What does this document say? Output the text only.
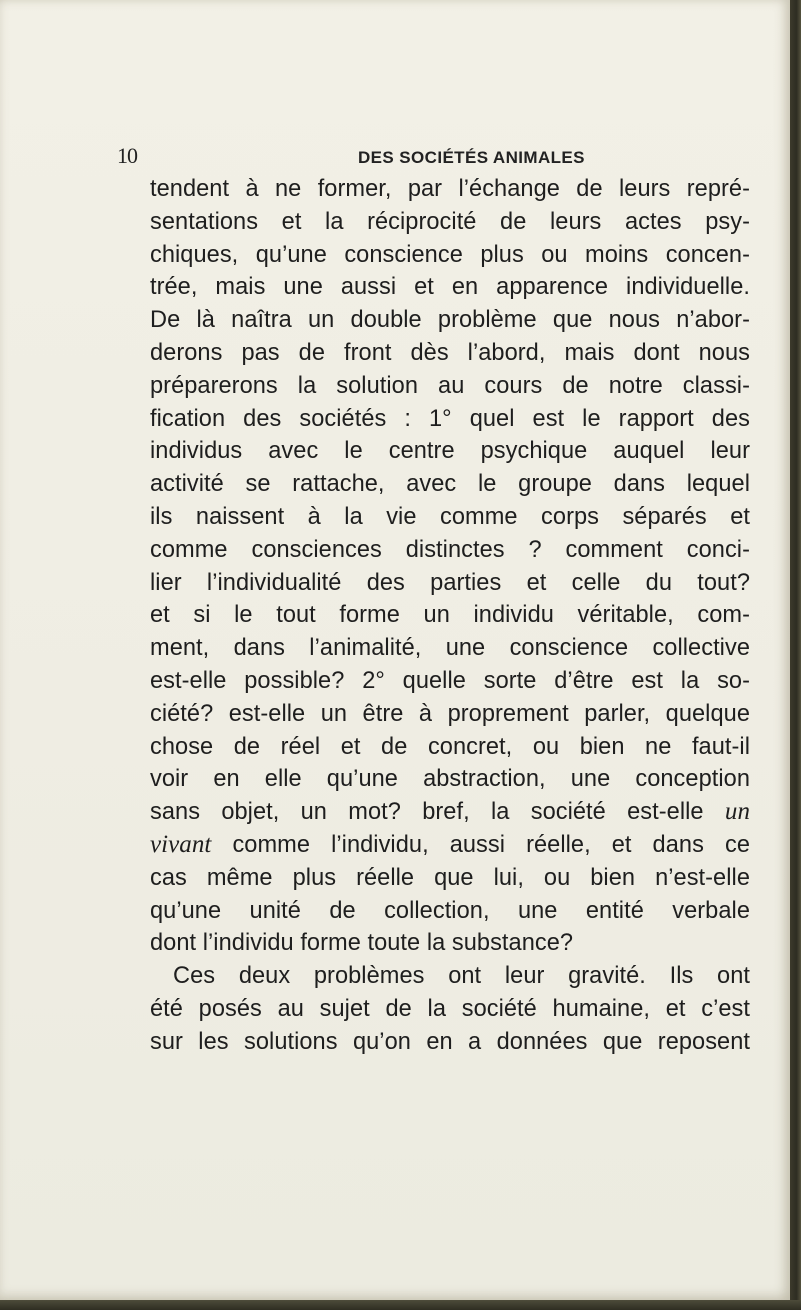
10	DES SOCIÉTÉS ANIMALES
tendent à ne former, par l’échange de leurs repré-
sentations et la réciprocité de leurs actes psy-
chiques, qu’une conscience plus ou moins concen-
trée, mais une aussi et en apparence individuelle.
De là naîtra un double problème que nous n’abor-
derons pas de front dès l’abord, mais dont nous
préparerons la solution au cours de notre classi-
fication des sociétés : 1° quel est le rapport des
individus avec le centre psychique auquel leur
activité se rattache, avec le groupe dans lequel
ils naissent à la vie comme corps séparés et
comme consciences distinctes ? comment conci-
lier l’individualité des parties et celle du tout?
et si le tout forme un individu véritable, com-
ment, dans l’animalité, une conscience collective
est-elle possible? 2° quelle sorte d’être est la so-
ciété? est-elle un être à proprement parler, quelque
chose de réel et de concret, ou bien ne faut-il
voir en elle qu’une abstraction, une conception
sans objet, un mot? bref, la société est-elle un
vivant comme l’individu, aussi réelle, et dans ce
cas même plus réelle que lui, ou bien n’est-elle
qu’une unité de collection, une entité verbale
dont l’individu forme toute la substance?
Ces deux problèmes ont leur gravité. Ils ont
été posés au sujet de la société humaine, et c’est
sur les solutions qu’on en a données que reposent
